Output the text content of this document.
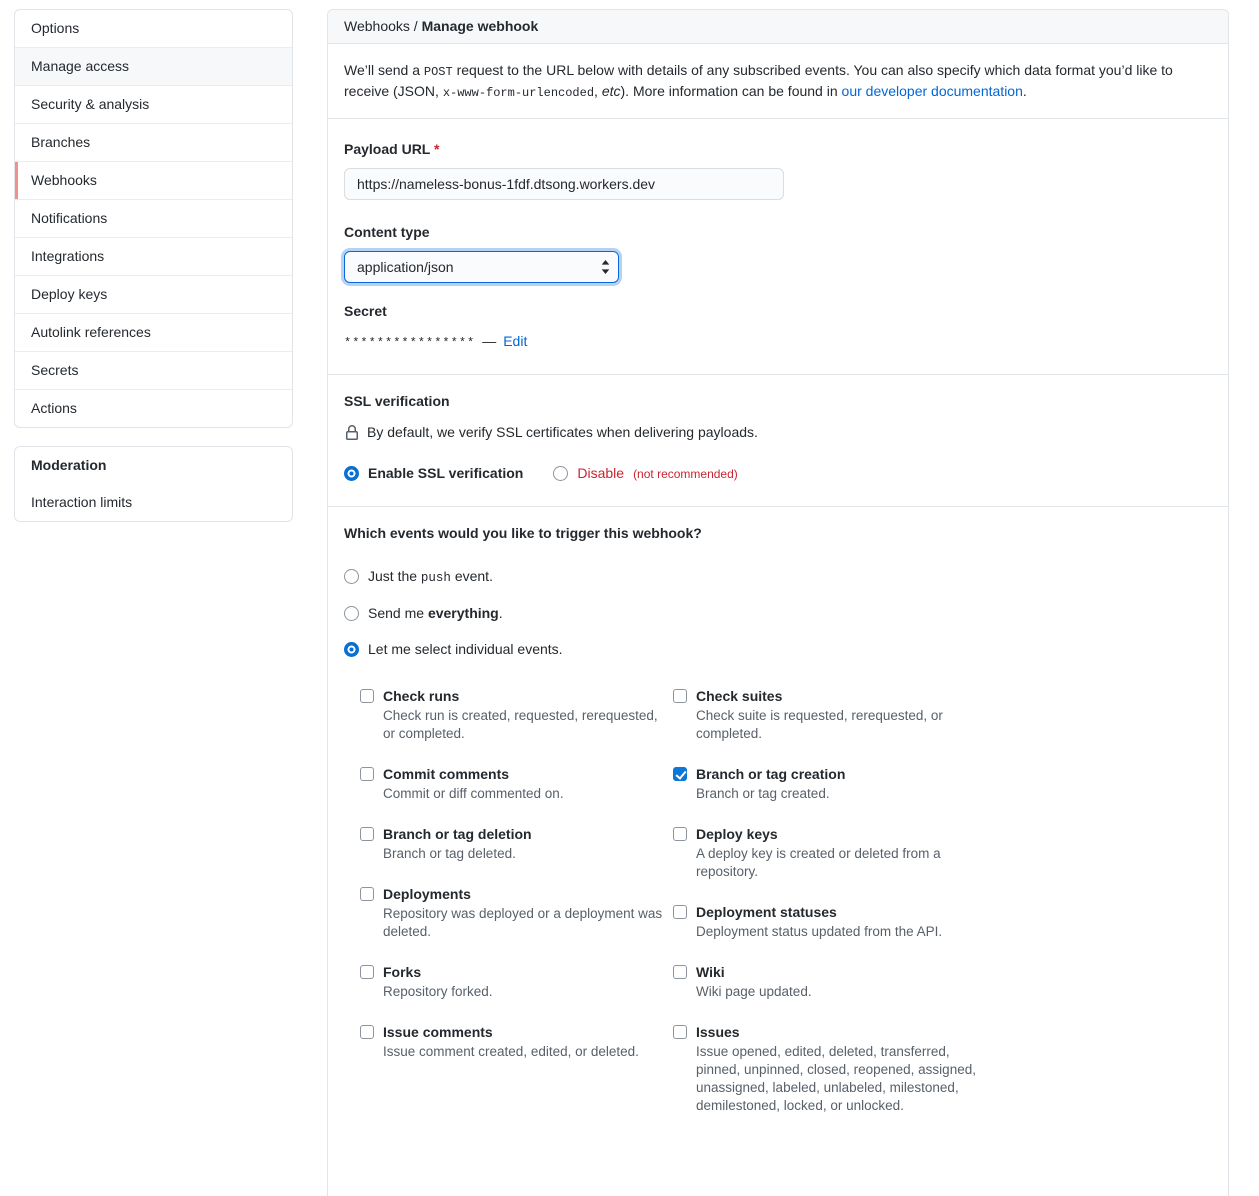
Options
Manage access
Security & analysis
Branches
Webhooks
Notifications
Integrations
Deploy keys
Autolink references
Secrets
Actions
Moderation
Interaction limits
Webhooks / Manage webhook

We’ll send a POST request to the URL below with details of any subscribed events. You can also specify which data format you’d like to receive (JSON, x-www-form-urlencoded, etc). More information can be found in our developer documentation.

Payload URL *
https://nameless-bonus-1fdf.dtsong.workers.dev
Content type
application/json
Secret
**************** — Edit
SSL verification
By default, we verify SSL certificates when delivering payloads.
Enable SSL verification	Disable (not recommended)
Which events would you like to trigger this webhook?
Just the push event.
Send me everything.
Let me select individual events.
Check runs
Check run is created, requested, rerequested, or completed.
Commit comments
Commit or diff commented on.
Branch or tag deletion
Branch or tag deleted.
Deployments
Repository was deployed or a deployment was deleted.
Forks
Repository forked.
Issue comments
Issue comment created, edited, or deleted.
Check suites
Check suite is requested, rerequested, or completed.
Branch or tag creation
Branch or tag created.
Deploy keys
A deploy key is created or deleted from a repository.
Deployment statuses
Deployment status updated from the API.
Wiki
Wiki page updated.
Issues
Issue opened, edited, deleted, transferred, pinned, unpinned, closed, reopened, assigned, unassigned, labeled, unlabeled, milestoned, demilestoned, locked, or unlocked.
